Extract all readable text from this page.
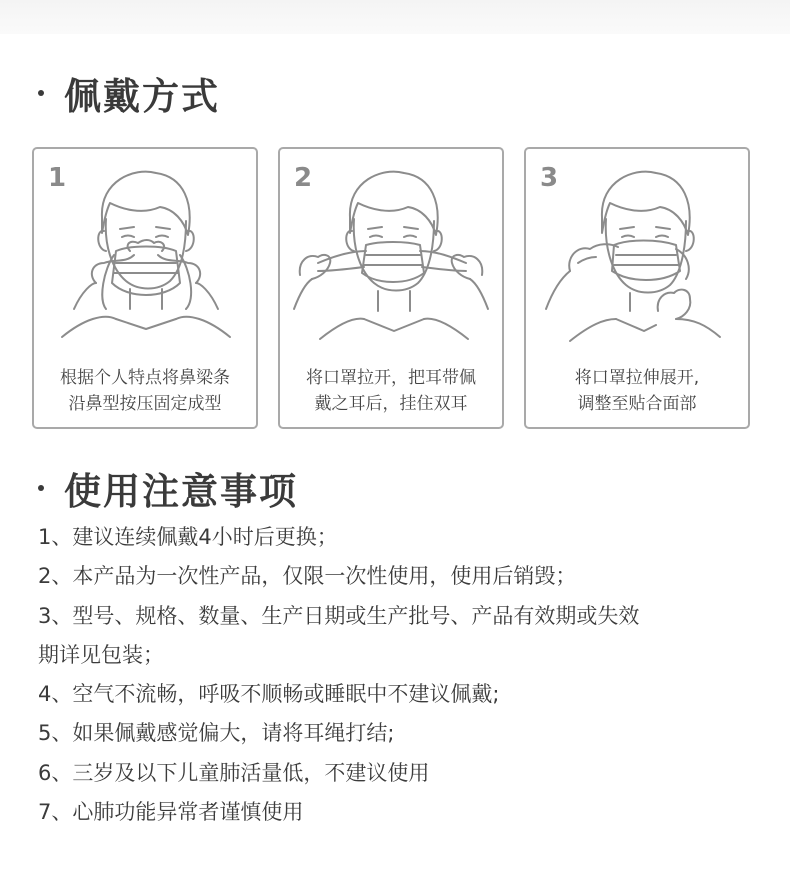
佩戴方式
1
根据个人特点将鼻梁条
沿鼻型按压固定成型
2
将口罩拉开，把耳带佩
戴之耳后，挂住双耳
3
将口罩拉伸展开,
调整至贴合面部
使用注意事项
1、建议连续佩戴4小时后更换；
2、本产品为一次性产品，仅限一次性使用，使用后销毁；
3、型号、规格、数量、生产日期或生产批号、产品有效期或失效
期详见包装；
4、空气不流畅，呼吸不顺畅或睡眠中不建议佩戴;
5、如果佩戴感觉偏大，请将耳绳打结;
6、三岁及以下儿童肺活量低，不建议使用
7、心肺功能异常者谨慎使用
